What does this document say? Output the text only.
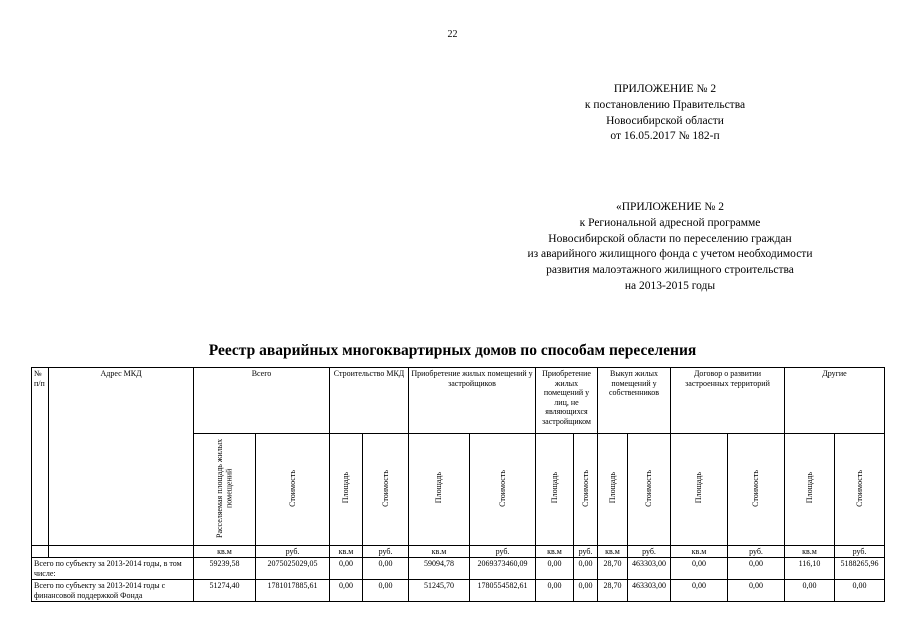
22
ПРИЛОЖЕНИЕ № 2
к постановлению Правительства
Новосибирской области
от 16.05.2017 № 182-п
«ПРИЛОЖЕНИЕ № 2
к Региональной адресной программе
Новосибирской области по переселению граждан
из аварийного жилищного фонда с учетом необходимости
развития малоэтажного жилищного строительства
на 2013-2015 годы
Реестр аварийных многоквартирных домов по способам переселения
№ п/п	Адрес МКД	Всего		Строительство МКД		Приобретение жилых помещений у застройщиков		Приобретение жилых помещений у лиц, не являющихся застройщиком		Выкуп жилых помещений у собственников		Договор о развитии застроенных территорий		Другие	
		Расселяемая площадь жилых помещений	Стоимость	Площадь	Стоимость	Площадь	Стоимость	Площадь	Стоимость	Площадь	Стоимость	Площадь	Стоимость	Площадь	Стоимость
		кв.м	руб.	кв.м	руб.	кв.м	руб.	кв.м	руб.	кв.м	руб.	кв.м	руб.	кв.м	руб.
Всего по субъекту за 2013-2014 годы, в том числе:		59239,58	2075025029,05	0,00	0,00	59094,78	2069373460,09	0,00	0,00	28,70	463303,00	0,00	0,00	116,10	5188265,96
Всего по субъекту за 2013-2014 годы с финансовой поддержкой Фонда		51274,40	1781017885,61	0,00	0,00	51245,70	1780554582,61	0,00	0,00	28,70	463303,00	0,00	0,00	0,00	0,00
